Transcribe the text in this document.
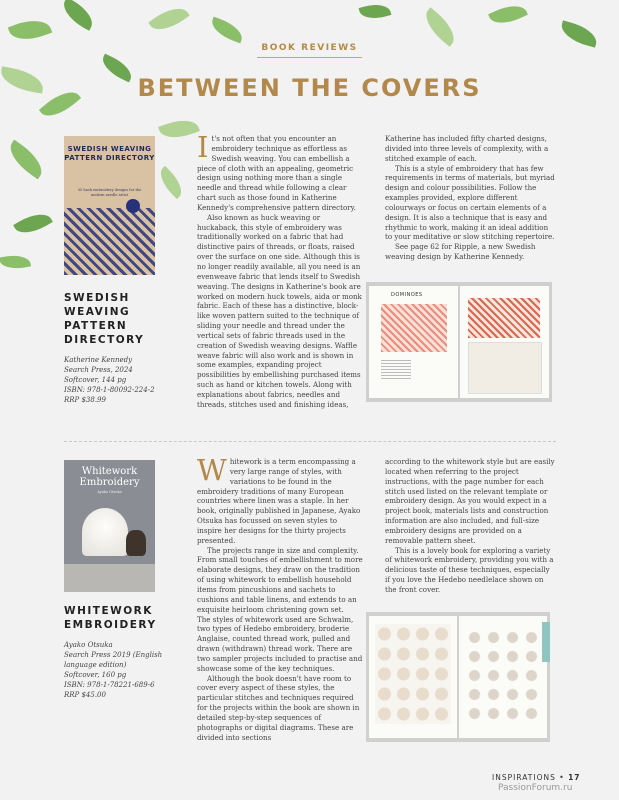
BOOK REVIEWS
BETWEEN THE COVERS
SWEDISH WEAVING PATTERN DIRECTORY
35 huck embroidery designs for the modern needle artist
SWEDISH
WEAVING
PATTERN
DIRECTORY
Katherine Kennedy
Search Press, 2024
Softcover, 144 pg
ISBN: 978-1-80092-224-2
RRP $38.99

It's not often that you encounter an embroidery technique as effortless as Swedish weaving. You can embellish a piece of cloth with an appealing, geometric design using nothing more than a single needle and thread while following a clear chart such as those found in Katherine Kennedy's comprehensive pattern directory.

Also known as huck weaving or huckaback, this style of embroidery was traditionally worked on a fabric that had distinctive pairs of threads, or floats, raised over the surface on one side. Although this is no longer readily available, all you need is an evenweave fabric that lends itself to Swedish weaving. The designs in Katherine's book are worked on modern huck towels, aida or monk fabric. Each of these has a distinctive, block-like woven pattern suited to the technique of sliding your needle and thread under the vertical sets of fabric threads used in the creation of Swedish weaving designs. Waffle weave fabric will also work and is shown in some examples, expanding project possibilities by embellishing purchased items such as hand or kitchen towels. Along with explanations about fabrics, needles and threads, stitches used and finishing ideas,

Katherine has included fifty charted designs, divided into three levels of complexity, with a stitched example of each.

This is a style of embroidery that has few requirements in terms of materials, but myriad design and colour possibilities. Follow the examples provided, explore different colourways or focus on certain elements of a design. It is also a technique that is easy and rhythmic to work, making it an ideal addition to your meditative or slow stitching repertoire.

See page 62 for Ripple, a new Swedish weaving design by Katherine Kennedy.

DOMINOES
Whitework Embroidery
Ayako Otsuka
WHITEWORK
EMBROIDERY
Ayako Otsuka
Search Press 2019 (English
language edition)
Softcover, 160 pg
ISBN: 978-1-78221-689-6
RRP $45.00

Whitework is a term encompassing a very large range of styles, with variations to be found in the embroidery traditions of many European countries where linen was a staple. In her book, originally published in Japanese, Ayako Otsuka has focussed on seven styles to inspire her designs for the thirty projects presented.

The projects range in size and complexity. From small touches of embellishment to more elaborate designs, they draw on the tradition of using whitework to embellish household items from pincushions and sachets to cushions and table linens, and extends to an exquisite heirloom christening gown set.

The styles of whitework used are Schwalm, two types of Hedebo embroidery, broderie Anglaise, counted thread work, pulled and drawn (withdrawn) thread work. There are two sampler projects included to practise and showcase some of the key techniques.

Although the book doesn't have room to cover every aspect of these styles, the particular stitches and techniques required for the projects within the book are shown in detailed step-by-step sequences of photographs or digital diagrams. These are divided into sections

according to the whitework style but are easily located when referring to the project instructions, with the page number for each stitch used listed on the relevant template or embroidery design. As you would expect in a project book, materials lists and construction information are also included, and full-size embroidery designs are provided on a removable pattern sheet.

This is a lovely book for exploring a variety of whitework embroidery, providing you with a delicious taste of these techniques, especially if you love the Hedebo needlelace shown on the front cover.

INSPIRATIONS • 17
PassionForum.ru
